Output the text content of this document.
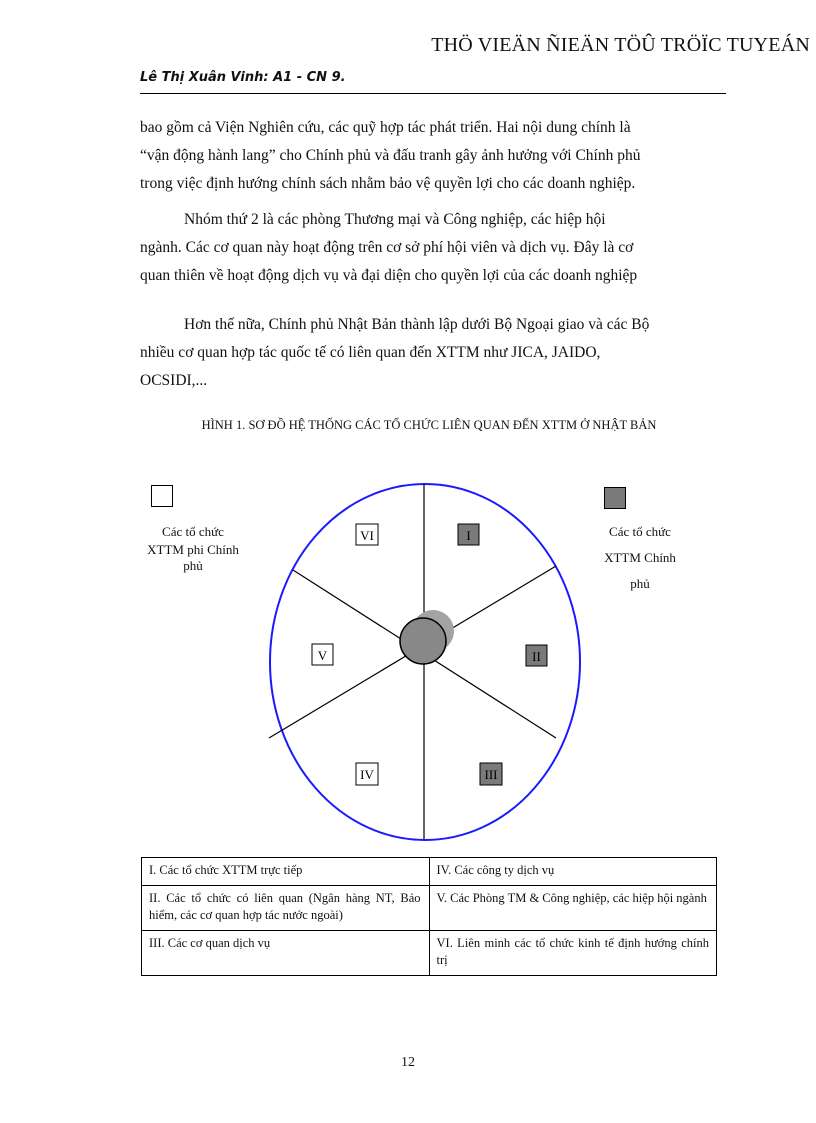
THÖ VIEÄN ÑIEÄN TÖÛ TRÖÏC TUYEÁN
Lê Thị Xuân Vinh: A1 - CN 9.

bao gồm cả Viện Nghiên cứu, các quỹ hợp tác phát triển. Hai nội dung chính là
“vận động hành lang” cho Chính phủ và đấu tranh gây ảnh hưởng với Chính phủ
trong việc định hướng chính sách nhằm bảo vệ quyền lợi cho các doanh nghiệp.

Nhóm thứ 2 là các phòng Thương mại và Công nghiệp, các hiệp hội
ngành. Các cơ quan này hoạt động trên cơ sở phí hội viên và dịch vụ. Đây là cơ
quan thiên về hoạt động dịch vụ và đại diện cho quyền lợi của các doanh nghiệp

Hơn thế nữa, Chính phủ Nhật Bản thành lập dưới Bộ Ngoại giao và các Bộ
nhiều cơ quan hợp tác quốc tế có liên quan đến XTTM như JICA, JAIDO,
OCSIDI,...

HÌNH 1. SƠ ĐỒ HỆ THỐNG CÁC TỔ CHỨC LIÊN QUAN ĐẾN XTTM Ở NHẬT BẢN
Các tổ chức
XTTM phi Chính
phủ
Các tổ chức
XTTM Chính
phủ
I
II
III
IV
V
VI
I. Các tổ chức XTTM trực tiếp	IV. Các công ty dịch vụ
II. Các tổ chức có liên quan (Ngân hàng NT, Bảo hiểm, các cơ quan hợp tác nước ngoài)	V. Các Phòng TM & Công nghiệp, các hiệp hội ngành
III. Các cơ quan dịch vụ	VI. Liên minh các tổ chức kinh tế định hướng chính trị
12
